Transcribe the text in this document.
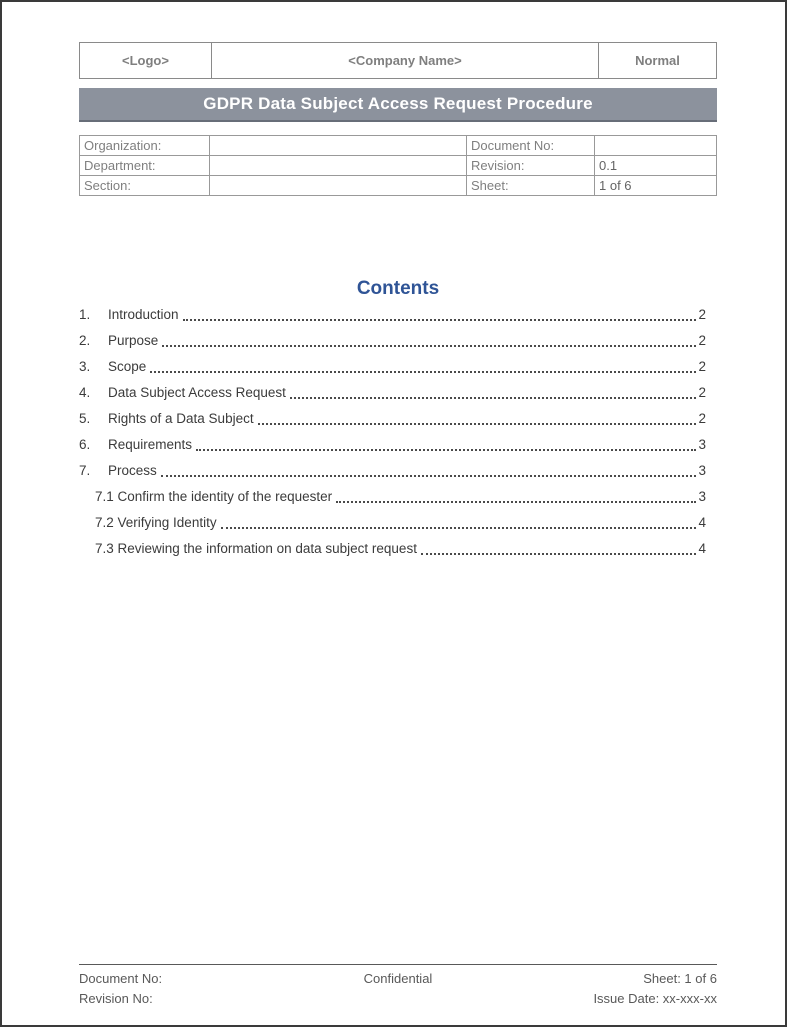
<Logo>	<Company Name>	Normal
GDPR Data Subject Access Request Procedure
Organization:	Document No:
Department:	Revision:	0.1
Section:	Sheet:	1 of 6
Contents
1.	Introduction	2
2.	Purpose	2
3.	Scope	2
4.	Data Subject Access Request	2
5.	Rights of a Data Subject	2
6.	Requirements	3
7.	Process	3
7.1 Confirm the identity of the requester	3
7.2 Verifying Identity	4
7.3 Reviewing the information on data subject request	4
Document No:
Revision No:
Confidential	Sheet: 1 of 6
Issue Date: xx-xxx-xx
